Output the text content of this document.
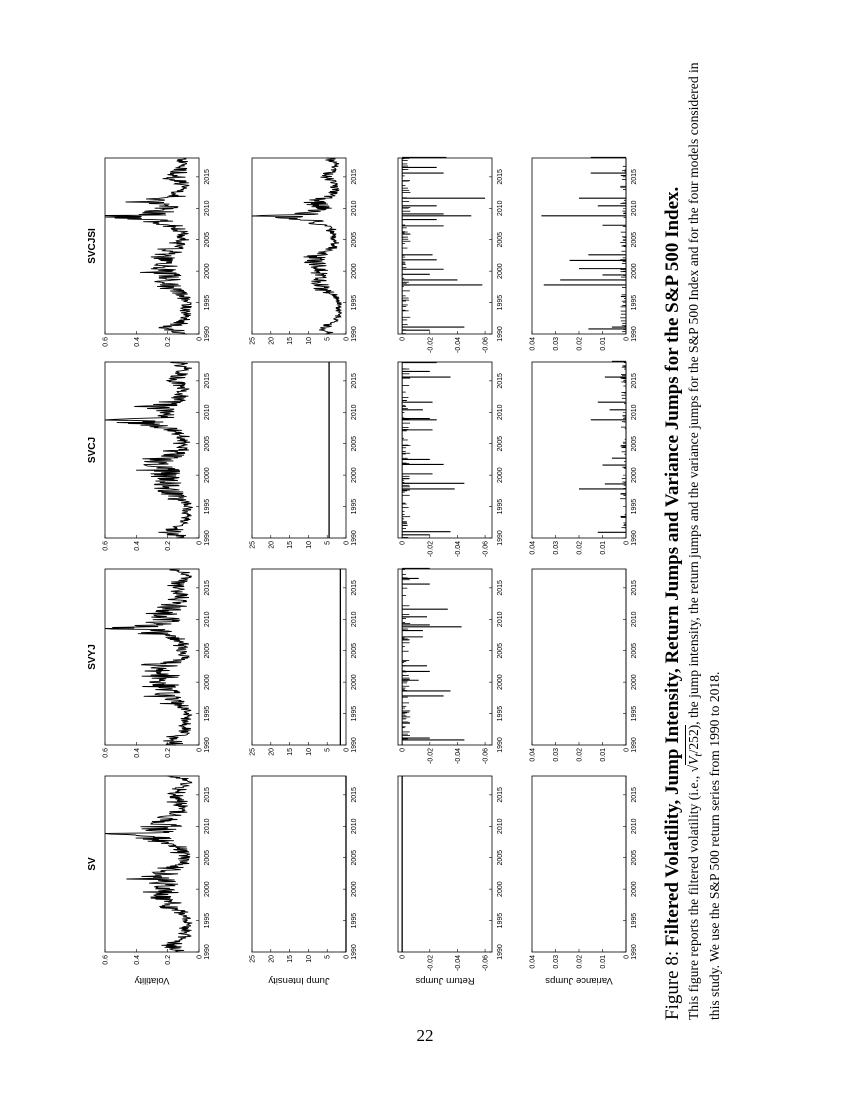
SV
SVYJ
SVCJ
SVCJSI
Volatility	Jump Intensity	Return Jumps	Variance Jumps
1990
1995
2000
2005
2010
2015
0
0.2
0.4
0.6
1990
1995
2000
2005
2010
2015
0
0.2
0.4
0.6
1990
1995
2000
2005
2010
2015
0
0.2
0.4
0.6
1990
1995
2000
2005
2010
2015
0
0.2
0.4
0.6
1990
1995
2000
2005
2010
2015
0
5
10
15
20
25
1990
1995
2000
2005
2010
2015
0
5
10
15
20
25
1990
1995
2000
2005
2010
2015
0
5
10
15
20
25
1990
1995
2000
2005
2010
2015
0
5
10
15
20
25
1990
1995
2000
2005
2010
2015
0	-0.02	-0.04	-0.06
1990
1995
2000
2005
2010
2015
0	-0.02	-0.04	-0.06
1990
1995
2000
2005
2010
2015
0	-0.02	-0.04	-0.06
1990
1995
2000
2005
2010
2015
0	-0.02	-0.04	-0.06
1990
1995
2000
2005
2010
2015
0
0.01
0.02
0.03
0.04
1990
1995
2000
2005
2010
2015
0
0.01
0.02
0.03
0.04
1990
1995
2000
2005
2010
2015
0
0.01
0.02
0.03
0.04
1990
1995
2000
2005
2010
2015
0
0.01
0.02
0.03
0.04
Figure 8: Filtered Volatility, Jump Intensity, Return Jumps and Variance Jumps for the S&P 500 Index. This figure reports the filtered volatility (i.e., $√V_t/252$), the jump intensity, the return jumps and the variance jumps for the S&P 500 Index and for the four models considered in this study. We use the S&P 500 return series from 1990 to 2018.
22
